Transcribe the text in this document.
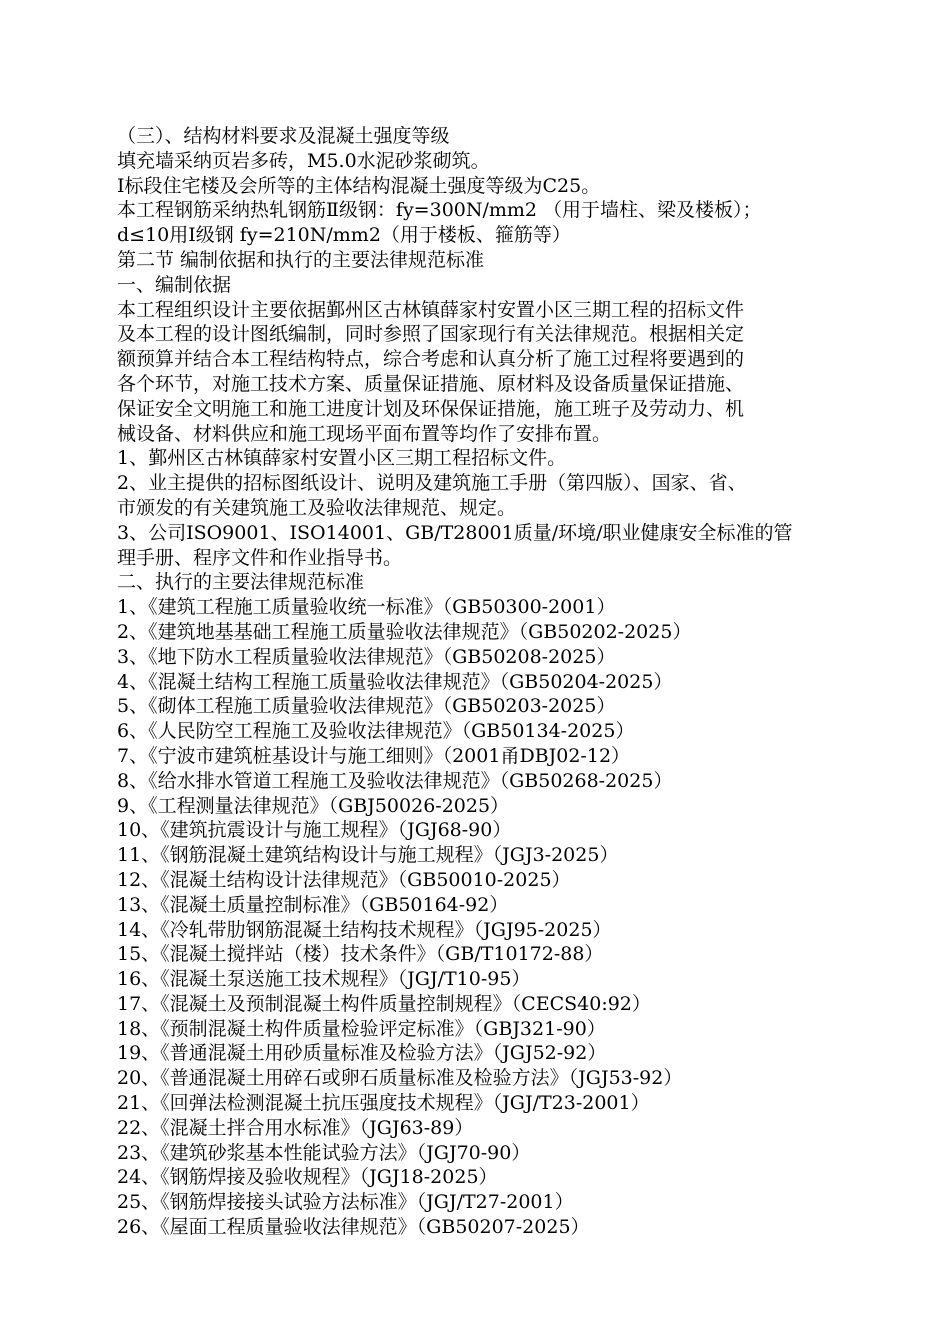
（三）、结构材料要求及混凝土强度等级
填充墙采纳页岩多砖，M5.0水泥砂浆砌筑。
Ⅰ标段住宅楼及会所等的主体结构混凝土强度等级为C25。
本工程钢筋采纳热轧钢筋Ⅱ级钢：fy=300N/mm2 （用于墙柱、梁及楼板）；
d≤10用Ⅰ级钢 fy=210N/mm2（用于楼板、箍筋等）
第二节 编制依据和执行的主要法律规范标准
一、编制依据
本工程组织设计主要依据鄞州区古林镇薛家村安置小区三期工程的招标文件
及本工程的设计图纸编制，同时参照了国家现行有关法律规范。根据相关定
额预算并结合本工程结构特点，综合考虑和认真分析了施工过程将要遇到的
各个环节，对施工技术方案、质量保证措施、原材料及设备质量保证措施、
保证安全文明施工和施工进度计划及环保保证措施，施工班子及劳动力、机
械设备、材料供应和施工现场平面布置等均作了安排布置。
1、鄞州区古林镇薛家村安置小区三期工程招标文件。
2、业主提供的招标图纸设计、说明及建筑施工手册（第四版）、国家、省、
市颁发的有关建筑施工及验收法律规范、规定。
3、公司ISO9001、ISO14001、GB/T28001质量/环境/职业健康安全标准的管
理手册、程序文件和作业指导书。
二、执行的主要法律规范标准
1、《建筑工程施工质量验收统一标准》（GB50300-2001）
2、《建筑地基基础工程施工质量验收法律规范》（GB50202-2025）
3、《地下防水工程质量验收法律规范》（GB50208-2025）
4、《混凝土结构工程施工质量验收法律规范》（GB50204-2025）
5、《砌体工程施工质量验收法律规范》（GB50203-2025）
6、《人民防空工程施工及验收法律规范》（GB50134-2025）
7、《宁波市建筑桩基设计与施工细则》（2001甬DBJ02-12）
8、《给水排水管道工程施工及验收法律规范》（GB50268-2025）
9、《工程测量法律规范》（GBJ50026-2025）
10、《建筑抗震设计与施工规程》（JGJ68-90）
11、《钢筋混凝土建筑结构设计与施工规程》（JGJ3-2025）
12、《混凝土结构设计法律规范》（GB50010-2025）
13、《混凝土质量控制标准》（GB50164-92）
14、《冷轧带肋钢筋混凝土结构技术规程》（JGJ95-2025）
15、《混凝土搅拌站（楼）技术条件》（GB/T10172-88）
16、《混凝土泵送施工技术规程》（JGJ/T10-95）
17、《混凝土及预制混凝土构件质量控制规程》（CECS40:92）
18、《预制混凝土构件质量检验评定标准》（GBJ321-90）
19、《普通混凝土用砂质量标准及检验方法》（JGJ52-92）
20、《普通混凝土用碎石或卵石质量标准及检验方法》（JGJ53-92）
21、《回弹法检测混凝土抗压强度技术规程》（JGJ/T23-2001）
22、《混凝土拌合用水标准》（JGJ63-89）
23、《建筑砂浆基本性能试验方法》（JGJ70-90）
24、《钢筋焊接及验收规程》（JGJ18-2025）
25、《钢筋焊接接头试验方法标准》（JGJ/T27-2001）
26、《屋面工程质量验收法律规范》（GB50207-2025）
